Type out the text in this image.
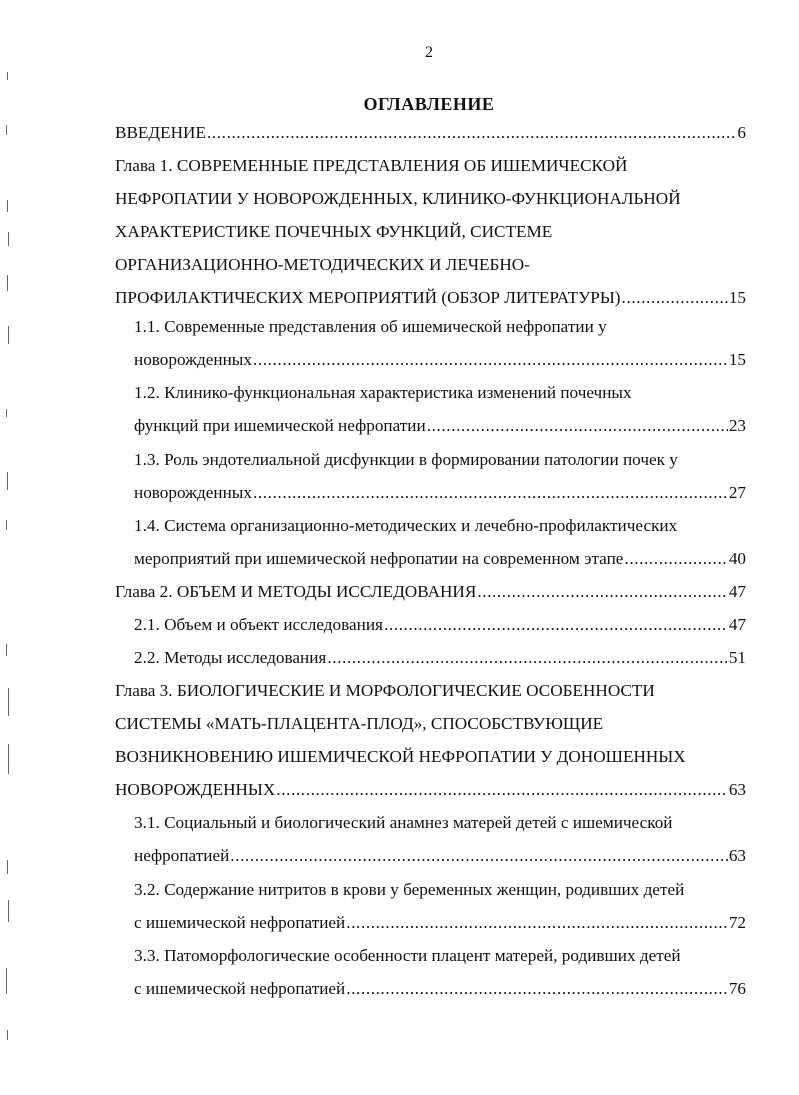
2
ОГЛАВЛЕНИЕ
ВВЕДЕНИЕ .....	6
Глава 1. СОВРЕМЕННЫЕ ПРЕДСТАВЛЕНИЯ ОБ ИШЕМИЧЕСКОЙ
НЕФРОПАТИИ У НОВОРОЖДЕННЫХ, КЛИНИКО-ФУНКЦИОНАЛЬНОЙ
ХАРАКТЕРИСТИКЕ ПОЧЕЧНЫХ ФУНКЦИЙ, СИСТЕМЕ
ОРГАНИЗАЦИОННО-МЕТОДИЧЕСКИХ И ЛЕЧЕБНО-
ПРОФИЛАКТИЧЕСКИХ МЕРОПРИЯТИЙ (ОБЗОР ЛИТЕРАТУРЫ) .....	15
1.1. Современные представления об ишемической нефропатии у
новорожденных .....	15
1.2. Клинико-функциональная характеристика изменений почечных
функций при ишемической нефропатии .....	23
1.3. Роль эндотелиальной дисфункции в формировании патологии почек у
новорожденных .....	27
1.4. Система организационно-методических и лечебно-профилактических
мероприятий при ишемической нефропатии на современном этапе .....	40
Глава 2. ОБЪЕМ И МЕТОДЫ ИССЛЕДОВАНИЯ .....	47
2.1. Объем и объект исследования .....	47
2.2. Методы исследования .....	51
Глава 3. БИОЛОГИЧЕСКИЕ И МОРФОЛОГИЧЕСКИЕ ОСОБЕННОСТИ
СИСТЕМЫ «МАТЬ-ПЛАЦЕНТА-ПЛОД», СПОСОБСТВУЮЩИЕ
ВОЗНИКНОВЕНИЮ ИШЕМИЧЕСКОЙ НЕФРОПАТИИ У ДОНОШЕННЫХ
НОВОРОЖДЕННЫХ .....	63
3.1. Социальный и биологический анамнез матерей детей с ишемической
нефропатией .....	63
3.2. Содержание нитритов в крови у беременных женщин, родивших детей
с ишемической нефропатией .....	72
3.3. Патоморфологические особенности плацент матерей, родивших детей
с ишемической нефропатией .....	76
